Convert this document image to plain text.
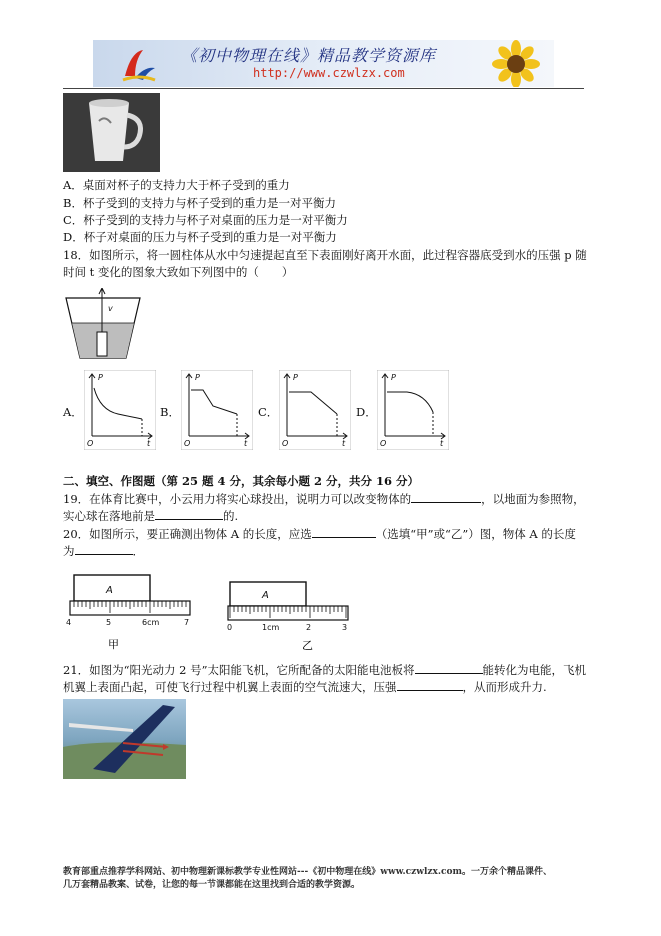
《初中物理在线》精品教学资源库
http://www.czwlzx.com
A．桌面对杯子的支持力大于杯子受到的重力
B．杯子受到的支持力与杯子受到的重力是一对平衡力
C．杯子受到的支持力与杯子对桌面的压力是一对平衡力
D．杯子对桌面的压力与杯子受到的重力是一对平衡力
18．如图所示，将一圆柱体从水中匀速提起直至下表面刚好离开水面，此过程容器底受到水的压强 p 随
时间 t 变化的图象大致如下列图中的（　　）
v
A．
P
O	t
B．
P
O	t
C．
P
O	t
D．
P
O	t
二、填空、作图题（第 25 题 4 分，其余每小题 2 分，共分 16 分）
19．在体育比赛中，小云用力将实心球投出，说明力可以改变物体的	，以地面为参照物，
实心球在落地前是	的.
20．如图所示，要正确测出物体 A 的长度，应选	（选填“甲”或“乙”）图，物体 A 的长度
为	．
A
4	5	6cm	7
甲
A
0	1cm	2	3
乙
21．如图为“阳光动力 2 号”太阳能飞机，它所配备的太阳能电池板将	能转化为电能，飞机
机翼上表面凸起，可使飞行过程中机翼上表面的空气流速大，压强	，从而形成升力.
教育部重点推荐学科网站、初中物理新课标教学专业性网站---《初中物理在线》www.czwlzx.com。一万余个精品课件、
几万套精品教案、试卷，让您的每一节课都能在这里找到合适的教学资源。
